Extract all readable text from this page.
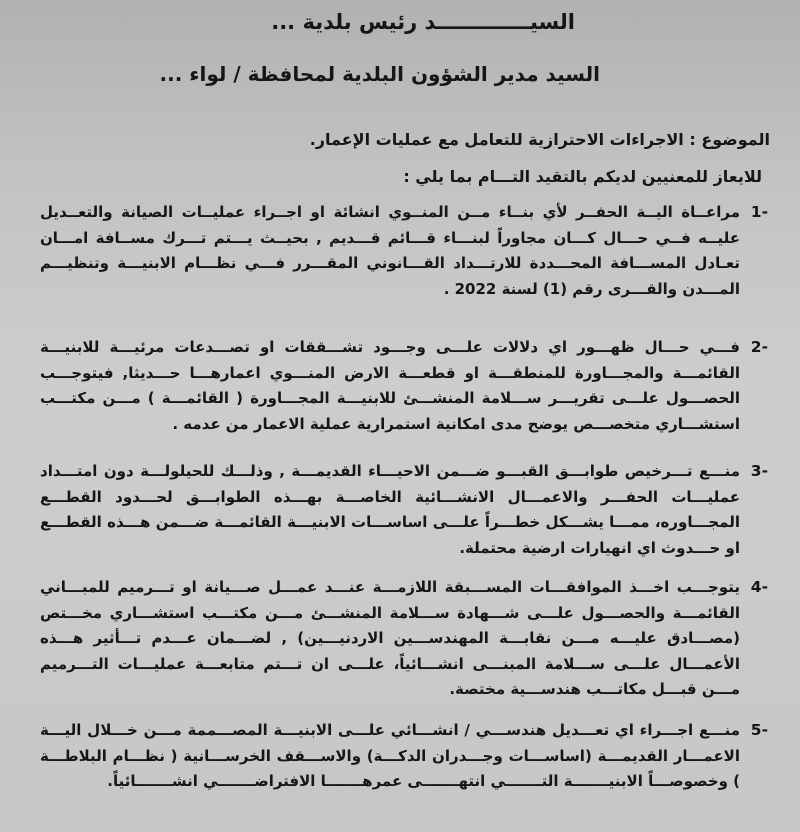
السيـــــــــــــد رئيس بلدية ...
السيد مدير الشؤون البلدية لمحافظة / لواء ...
الموضوع : الاجراءات الاحترازية للتعامل مع عمليات الإعمار.
للايعاز للمعنيين لديكم بالتقيد التـــام بما يلي :
1-
مراعــاة اليــة الحفــر لأي بنــاء مــن المنــوي انشائة او اجــراء عمليــات الصيانة والتعــديل عليــه فــي حـــال كـــان مجاوراً لبنـــاء قـــائم قـــديم , بحيــث يـــتم تـــرك مســافة امـــان تعـادل المســـافة المحـــددة للارتـــداد القـــانوني المقـــرر فـــي نظـــام الابنيـــة وتنظيـــم المـــدن والقـــرى رقم (1) لسنة 2022 .
2-
فـــي حـــال ظهـــور اي دلالات علـــى وجـــود تشـــققات او تصـــدعات مرئيـــة للابنيـــة القائمـــة والمجـــاورة للمنطقـــة او قطعـــة الارض المنـــوي اعمارهـــا حـــديثا, فيتوجـــب الحصـــول علـــى تقريـــر ســـلامة المنشـــئ للابنيـــة المجـــاورة ( القائمـــة ) مـــن مكتـــب استشـــاري متخصـــص يوضح مدى امكانية استمرارية عملية الاعمار من عدمه .
3-
منـــع تـــرخيص طوابـــق القبـــو ضـــمن الاحيـــاء القديمـــة , وذلـــك للحيلولـــة دون امتـــداد عمليـــات الحفـــر والاعمـــال الانشـــائية الخاصـــة بهـــذه الطوابـــق لحـــدود القطـــع المجـــاوره، ممـــا يشـــكل خطـــراً علـــى اساســـات الابنيـــة القائمـــة ضـــمن هـــذه القطـــع او حـــدوث اي انهيارات ارضية محتملة.
4-
يتوجـــب اخـــذ الموافقـــات المســـبقة اللازمـــة عنـــد عمـــل صـــيانة او تـــرميم للمبـــاني القائمـــة والحصـــول علـــى شـــهادة ســـلامة المنشـــئ مـــن مكتـــب استشـــاري مخـــتص (مصـــادق عليـــه مـــن نقابـــة المهندســـين الاردنيـــين) , لضـــمان عـــدم تـــأثير هـــذه الأعمـــال علـــى ســـلامة المبنـــى انشـــائياً، علـــى ان تـــتم متابعـــة عمليـــات التـــرميم مـــن قبـــل مكاتـــب هندســـية مختصة.
5-
منـــع اجـــراء اي تعـــديل هندســـي / انشـــائي علـــى الابنيـــة المصـــممة مـــن خـــلال اليـــة الاعمـــار القديمـــة (اساســـات وجـــدران الدكـــة) والاســـقف الخرســـانية ( نظـــام البلاطـــة ) وخصوصـــاً الابنيـــــــة التـــــــي انتهـــــــى عمرهـــــــا الافتراضـــــــي انشـــــــائياً.
